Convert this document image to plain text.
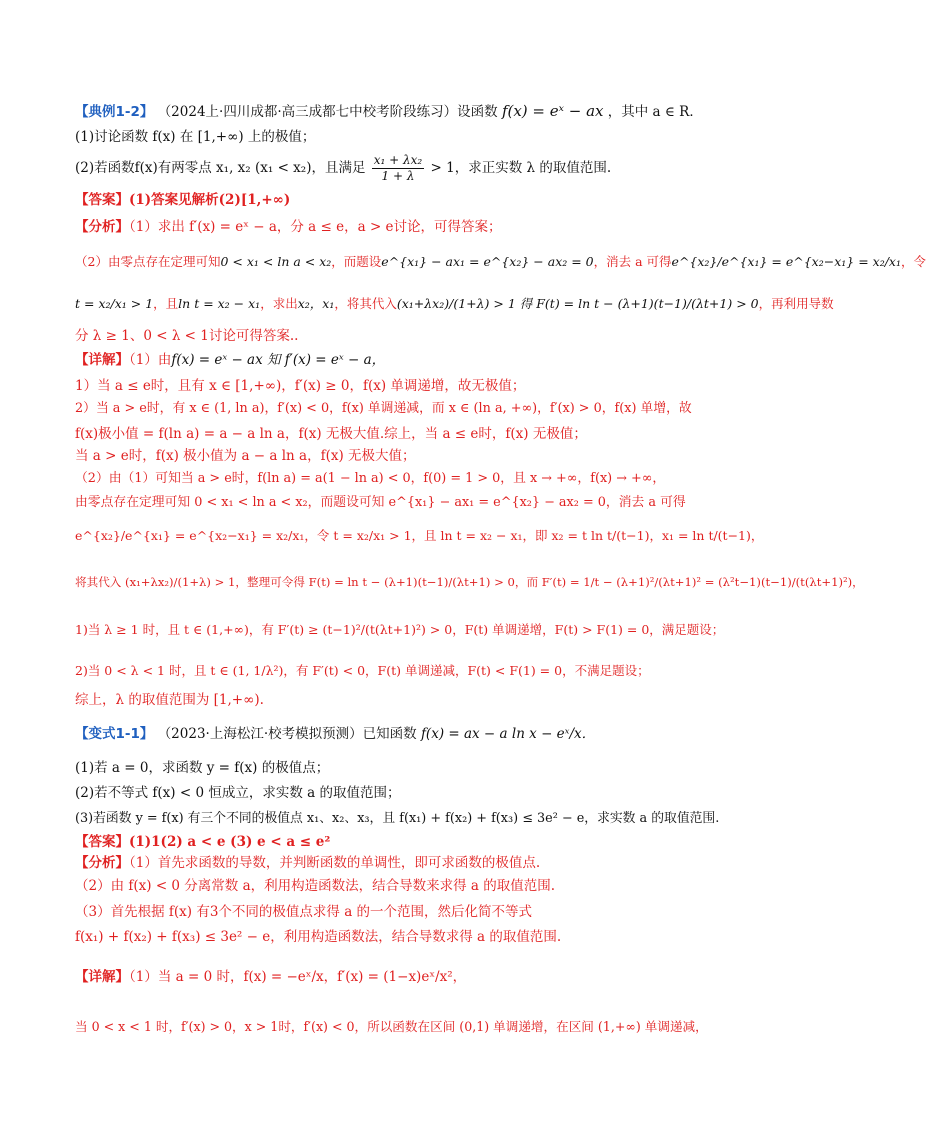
【典例1-2】 （2024上·四川成都·高三成都七中校考阶段练习）设函数 f(x) = eˣ − ax ，其中 a ∈ R．
(1)讨论函数 f(x) 在 [1,+∞) 上的极值；
(2)若函数f(x)有两零点 x₁, x₂ (x₁ < x₂)，且满足 $\frac{\text{x₁ + λx₂}}{1 + \lambda} > 1$，求正实数 λ 的取值范围.
【答案】(1)答案见解析(2)[1,+∞)
【分析】（1）求出 f′(x) = eˣ − a，分 a ≤ e，a > e讨论，可得答案；
（2）由零点存在定理可知0 < x₁ < ln a < x₂，而题设e^{x₁} − ax₁ = e^{x₂} − ax₂ = 0，消去 a 可得e^{x₂}/e^{x₁} = e^{x₂−x₁} = x₂/x₁，令
t = x₂/x₁ > 1，且ln t = x₂ − x₁，求出x₂，x₁，将其代入(x₁+λx₂)/(1+λ) > 1 得 F(t) = ln t − (λ+1)(t−1)/(λt+1) > 0，再利用导数
分 λ ≥ 1、0 < λ < 1讨论可得答案..
【详解】（1）由f(x) = eˣ − ax 知 f′(x) = eˣ − a，
1）当 a ≤ e时，且有 x ∈ [1,+∞)，f′(x) ≥ 0，f(x) 单调递增，故无极值；
2）当 a > e时，有 x ∈ (1, ln a)，f′(x) < 0，f(x) 单调递减，而 x ∈ (ln a, +∞)，f′(x) > 0，f(x) 单增，故
f(x)极小值 = f(ln a) = a − a ln a，f(x) 无极大值.综上，当 a ≤ e时，f(x) 无极值；
当 a > e时，f(x) 极小值为 a − a ln a，f(x) 无极大值；
（2）由（1）可知当 a > e时，f(ln a) = a(1 − ln a) < 0，f(0) = 1 > 0，且 x → +∞，f(x) → +∞，
由零点存在定理可知 0 < x₁ < ln a < x₂，而题设可知 e^{x₁} − ax₁ = e^{x₂} − ax₂ = 0，消去 a 可得
e^{x₂}/e^{x₁} = e^{x₂−x₁} = x₂/x₁，令 t = x₂/x₁ > 1，且 ln t = x₂ − x₁，即 x₂ = t ln t/(t−1)，x₁ = ln t/(t−1)，
将其代入 (x₁+λx₂)/(1+λ) > 1，整理可令得 F(t) = ln t − (λ+1)(t−1)/(λt+1) > 0，而 F′(t) = 1/t − (λ+1)²/(λt+1)² = (λ²t−1)(t−1)/(t(λt+1)²)，
1)当 λ ≥ 1 时，且 t ∈ (1,+∞)，有 F′(t) ≥ (t−1)²/(t(λt+1)²) > 0，F(t) 单调递增，F(t) > F(1) = 0，满足题设；
2)当 0 < λ < 1 时，且 t ∈ (1, 1/λ²)，有 F′(t) < 0，F(t) 单调递减，F(t) < F(1) = 0，不满足题设；
综上，λ 的取值范围为 [1,+∞).
【变式1-1】 （2023·上海松江·校考模拟预测）已知函数 f(x) = ax − a ln x − eˣ/x．
(1)若 a = 0，求函数 y = f(x) 的极值点；
(2)若不等式 f(x) < 0 恒成立，求实数 a 的取值范围；
(3)若函数 y = f(x) 有三个不同的极值点 x₁、x₂、x₃，且 f(x₁) + f(x₂) + f(x₃) ≤ 3e² − e，求实数 a 的取值范围.
【答案】(1)1(2) a < e (3) e < a ≤ e²
【分析】（1）首先求函数的导数，并判断函数的单调性，即可求函数的极值点.
（2）由 f(x) < 0 分离常数 a，利用构造函数法，结合导数来求得 a 的取值范围.
（3）首先根据 f(x) 有3个不同的极值点求得 a 的一个范围，然后化简不等式
f(x₁) + f(x₂) + f(x₃) ≤ 3e² − e，利用构造函数法，结合导数求得 a 的取值范围.
【详解】（1）当 a = 0 时，f(x) = −eˣ/x，f′(x) = (1−x)eˣ/x²，
当 0 < x < 1 时，f′(x) > 0，x > 1时，f′(x) < 0，所以函数在区间 (0,1) 单调递增，在区间 (1,+∞) 单调递减，
